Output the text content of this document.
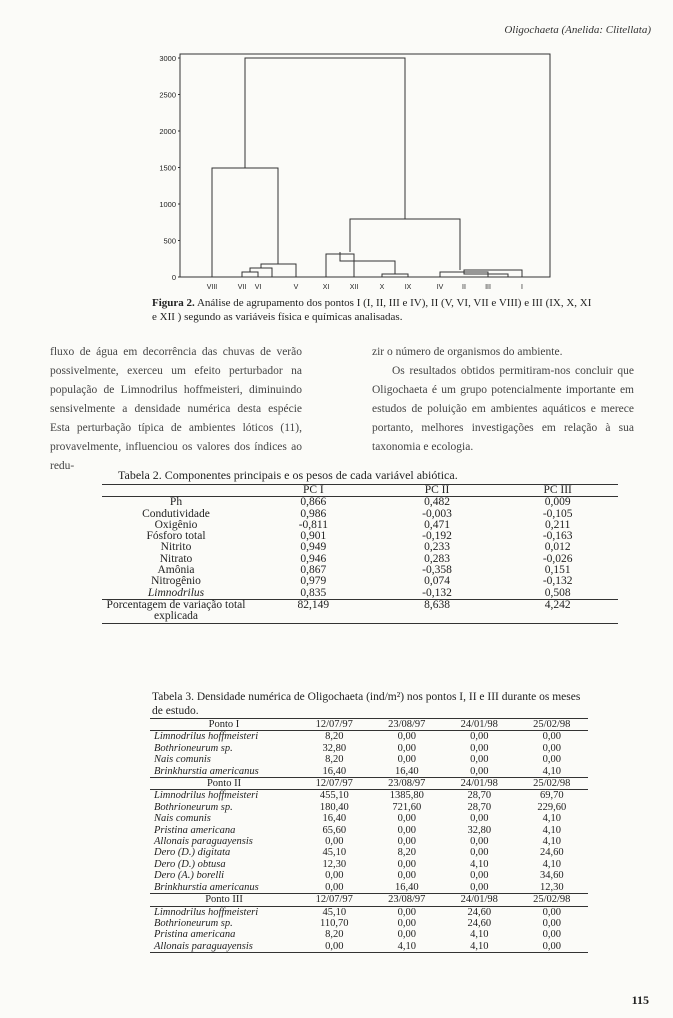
Oligochaeta (Anelida: Clitellata)
3000
2500
2000
1500
1000
500
0
VIII	VII VI	V	XI	XII	X	IX	IV	II	III	I
Figura 2. Análise de agrupamento dos pontos I (I, II, III e IV), II (V, VI, VII e VIII) e III (IX, X, XI e XII ) segundo as variáveis física e químicas analisadas.

fluxo de água em decorrência das chuvas de verão possivelmente, exerceu um efeito perturbador na população de Limnodrilus hoffmeisteri, diminuindo sensivelmente a densidade numérica desta espécie Esta perturbação típica de ambientes lóticos (11), provavelmente, influenciou os valores dos índices ao redu-

zir o número de organismos do ambiente.

Os resultados obtidos permitiram-nos concluir que Oligochaeta é um grupo potencialmente importante em estudos de poluição em ambientes aquáticos e merece portanto, melhores investigações em relação à sua taxonomia e ecologia.

Tabela 2. Componentes principais e os pesos de cada variável abiótica.
	PC I	PC II	PC III
Ph	0,866	0,482	0,009
Condutividade	0,986	-0,003	-0,105
Oxigênio	-0,811	0,471	0,211
Fósforo total	0,901	-0,192	-0,163
Nitrito	0,949	0,233	0,012
Nitrato	0,946	0,283	-0,026
Amônia	0,867	-0,358	0,151
Nitrogênio	0,979	0,074	-0,132
Limnodrilus	0,835	-0,132	0,508
Porcentagem de variação total explicada	82,149	8,638	4,242
Tabela 3. Densidade numérica de Oligochaeta (ind/m²) nos pontos I, II e III durante os meses de estudo.
Ponto I	12/07/97	23/08/97	24/01/98	25/02/98
Limnodrilus hoffmeisteri	8,20	0,00	0,00	0,00
Bothrioneurum sp.	32,80	0,00	0,00	0,00
Nais comunis	8,20	0,00	0,00	0,00
Brinkhurstia americanus	16,40	16,40	0,00	4,10
Ponto II	12/07/97	23/08/97	24/01/98	25/02/98
Limnodrilus hoffmeisteri	455,10	1385,80	28,70	69,70
Bothrioneurum sp.	180,40	721,60	28,70	229,60
Nais comunis	16,40	0,00	0,00	4,10
Pristina americana	65,60	0,00	32,80	4,10
Allonais paraguayensis	0,00	0,00	0,00	4,10
Dero (D.) digitata	45,10	8,20	0,00	24,60
Dero (D.) obtusa	12,30	0,00	4,10	4,10
Dero (A.) borelli	0,00	0,00	0,00	34,60
Brinkhurstia americanus	0,00	16,40	0,00	12,30
Ponto III	12/07/97	23/08/97	24/01/98	25/02/98
Limnodrilus hoffmeisteri	45,10	0,00	24,60	0,00
Bothrioneurum sp.	110,70	0,00	24,60	0,00
Pristina americana	8,20	0,00	4,10	0,00
Allonais paraguayensis	0,00	4,10	4,10	0,00
115
